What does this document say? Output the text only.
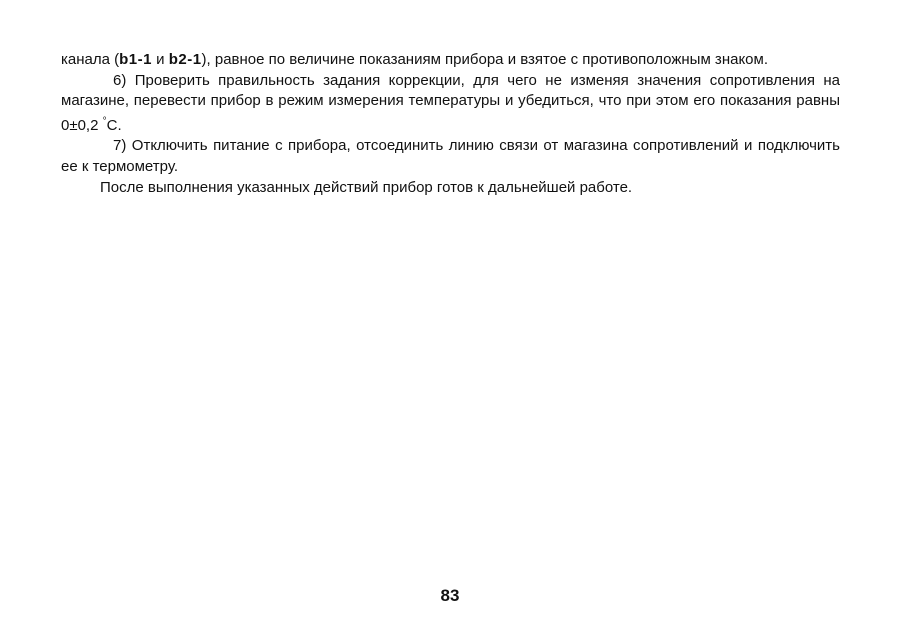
канала (b1-1 и b2-1), равное по величине показаниям прибора и взятое с противоположным знаком.

6) Проверить правильность задания коррекции, для чего не изменяя значения сопротивления на магазине, перевести прибор в режим измерения температуры и убедиться, что при этом его показания равны 0±0,2 °С.

7) Отключить питание с прибора, отсоединить линию связи от магазина сопротивлений и подключить ее к термометру.

После выполнения указанных действий прибор готов к дальнейшей работе.

83
